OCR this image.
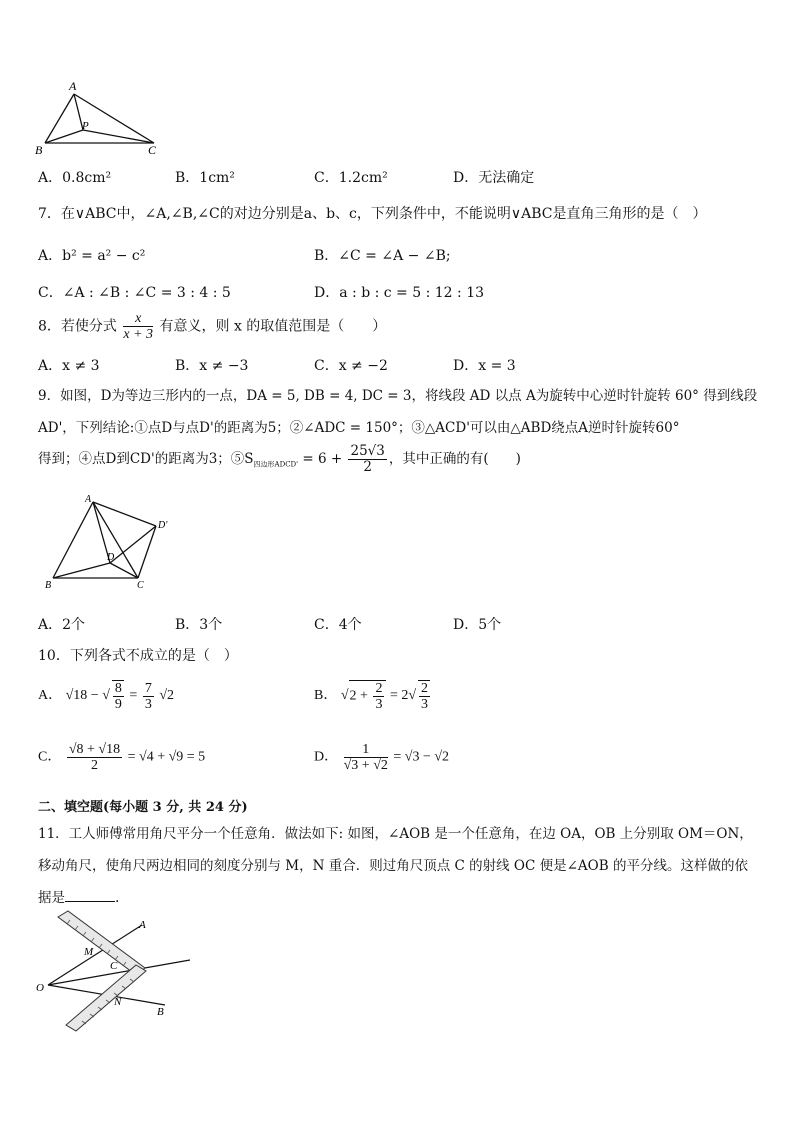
A
P
B	C
A．0.8cm²	B．1cm²	C．1.2cm²	D．无法确定
7．在∨ABC中，∠A,∠B,∠C的对边分别是a、b、c，下列条件中，不能说明∨ABC是直角三角形的是（　）
A．b² = a² − c²	B．∠C = ∠A − ∠B;
C．∠A : ∠B : ∠C = 3 : 4 : 5	D．a : b : c = 5 : 12 : 13
8．若使分式 $\frac{x}{x + 3}$ 有意义，则 x 的取值范围是（　　）
A．x ≠ 3	B．x ≠ −3	C．x ≠ −2	D．x = 3
9．如图，D为等边三形内的一点，DA = 5, DB = 4, DC = 3，将线段 AD 以点 A为旋转中心逆时针旋转 60° 得到线段
AD'，下列结论:①点D与点D'的距离为5；②∠ADC = 150°；③△ACD'可以由△ABD绕点A逆时针旋转60°
得到；④点D到CD'的距离为3；$⑤S_{四边形ADCD'} = 6 + \frac{25√3}{2}$ ，其中正确的有(　　)
A
D'
D
B	C
A．2个	B．3个	C．4个	D．5个
10．下列各式不成立的是（　）
A． √18 − √ $\frac{8}{9} = \frac{7}{3} √2$	B． $√2 + \frac{2}{3} = 2√ \frac{2}{3}$
C． $\frac{√8 + √18}{2} = √4 + √9 = 5$	D． $\frac{1}{√3 + √2} = √3 - √2$
二、填空题(每小题 3 分, 共 24 分)
11．工人师傅常用角尺平分一个任意角．做法如下: 如图，∠AOB 是一个任意角，在边 OA，OB 上分别取 OM＝ON，
移动角尺，使角尺两边相同的刻度分别与 M，N 重合．则过角尺顶点 C 的射线 OC 便是∠AOB 的平分线。这样做的依
据是	.
A
M
C
O
N
B
